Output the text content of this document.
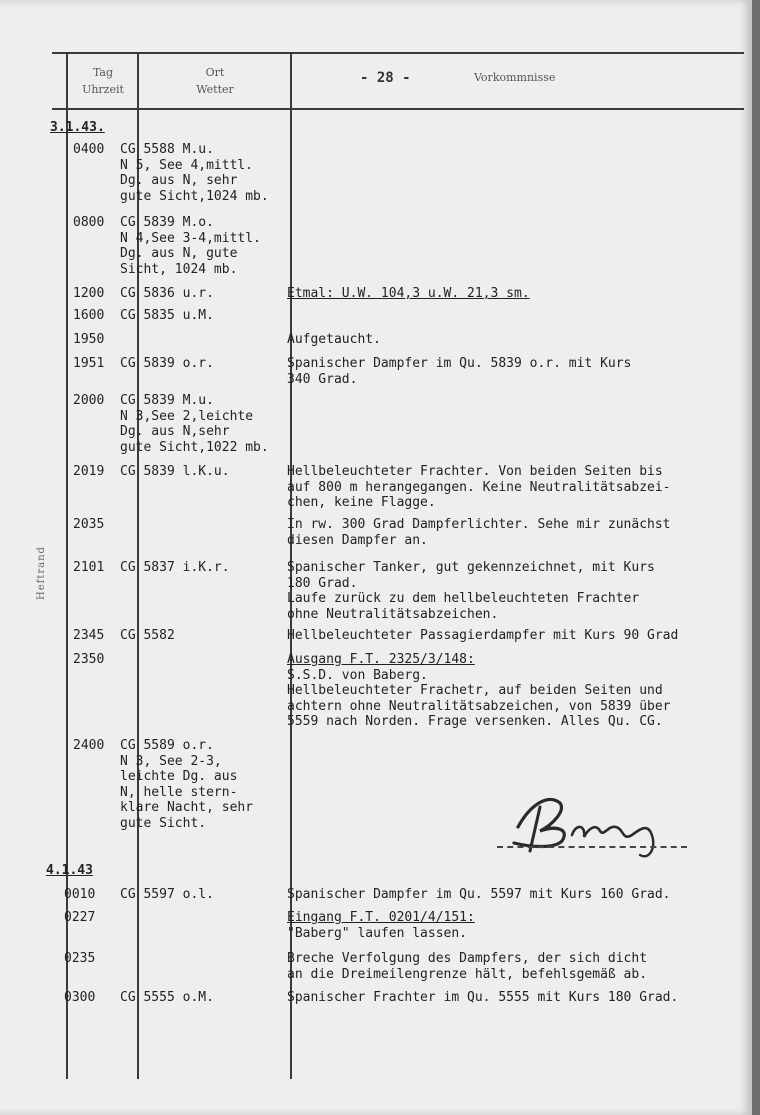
Tag
Uhrzeit
Ort
Wetter
- 28 -	Vorkommnisse
Heftrand
3.1.43.
0400 CG 5588 M.u.
N 5, See 4,mittl.
Dg. aus N, sehr
gute Sicht,1024 mb.
0800 CG 5839 M.o.
N 4,See 3-4,mittl.
Dg. aus N, gute
Sicht, 1024 mb.
1200 CG 5836 u.r.	Etmal: U.W. 104,3 u.W. 21,3 sm.
1600 CG 5835 u.M.
1950	Aufgetaucht.
1951 CG 5839 o.r.	Spanischer Dampfer im Qu. 5839 o.r. mit Kurs
340 Grad.
2000 CG 5839 M.u.
N 3,See 2,leichte
Dg. aus N,sehr
gute Sicht,1022 mb.
2019 CG 5839 l.K.u.	Hellbeleuchteter Frachter. Von beiden Seiten bis
auf 800 m herangegangen. Keine Neutralitätsabzei-
chen, keine Flagge.
2035	In rw. 300 Grad Dampferlichter. Sehe mir zunächst
diesen Dampfer an.
2101 CG 5837 i.K.r.	Spanischer Tanker, gut gekennzeichnet, mit Kurs
180 Grad.
Laufe zurück zu dem hellbeleuchteten Frachter
ohne Neutralitätsabzeichen.
2345 CG 5582	Hellbeleuchteter Passagierdampfer mit Kurs 90 Grad
2350	Ausgang F.T. 2325/3/148:
S.S.D. von Baberg.
Hellbeleuchteter Frachetr, auf beiden Seiten und
achtern ohne Neutralitätsabzeichen, von 5839 über
5559 nach Norden. Frage versenken. Alles Qu. CG.
2400 CG 5589 o.r.
N 3, See 2-3,
leichte Dg. aus
N, helle stern-
klare Nacht, sehr
gute Sicht.
4.1.43
0010 CG 5597 o.l.	Spanischer Dampfer im Qu. 5597 mit Kurs 160 Grad.
0227	Eingang F.T. 0201/4/151:
"Baberg" laufen lassen.
0235	Breche Verfolgung des Dampfers, der sich dicht
an die Dreimeilengrenze hält, befehlsgemäß ab.
0300 CG 5555 o.M.	Spanischer Frachter im Qu. 5555 mit Kurs 180 Grad.
